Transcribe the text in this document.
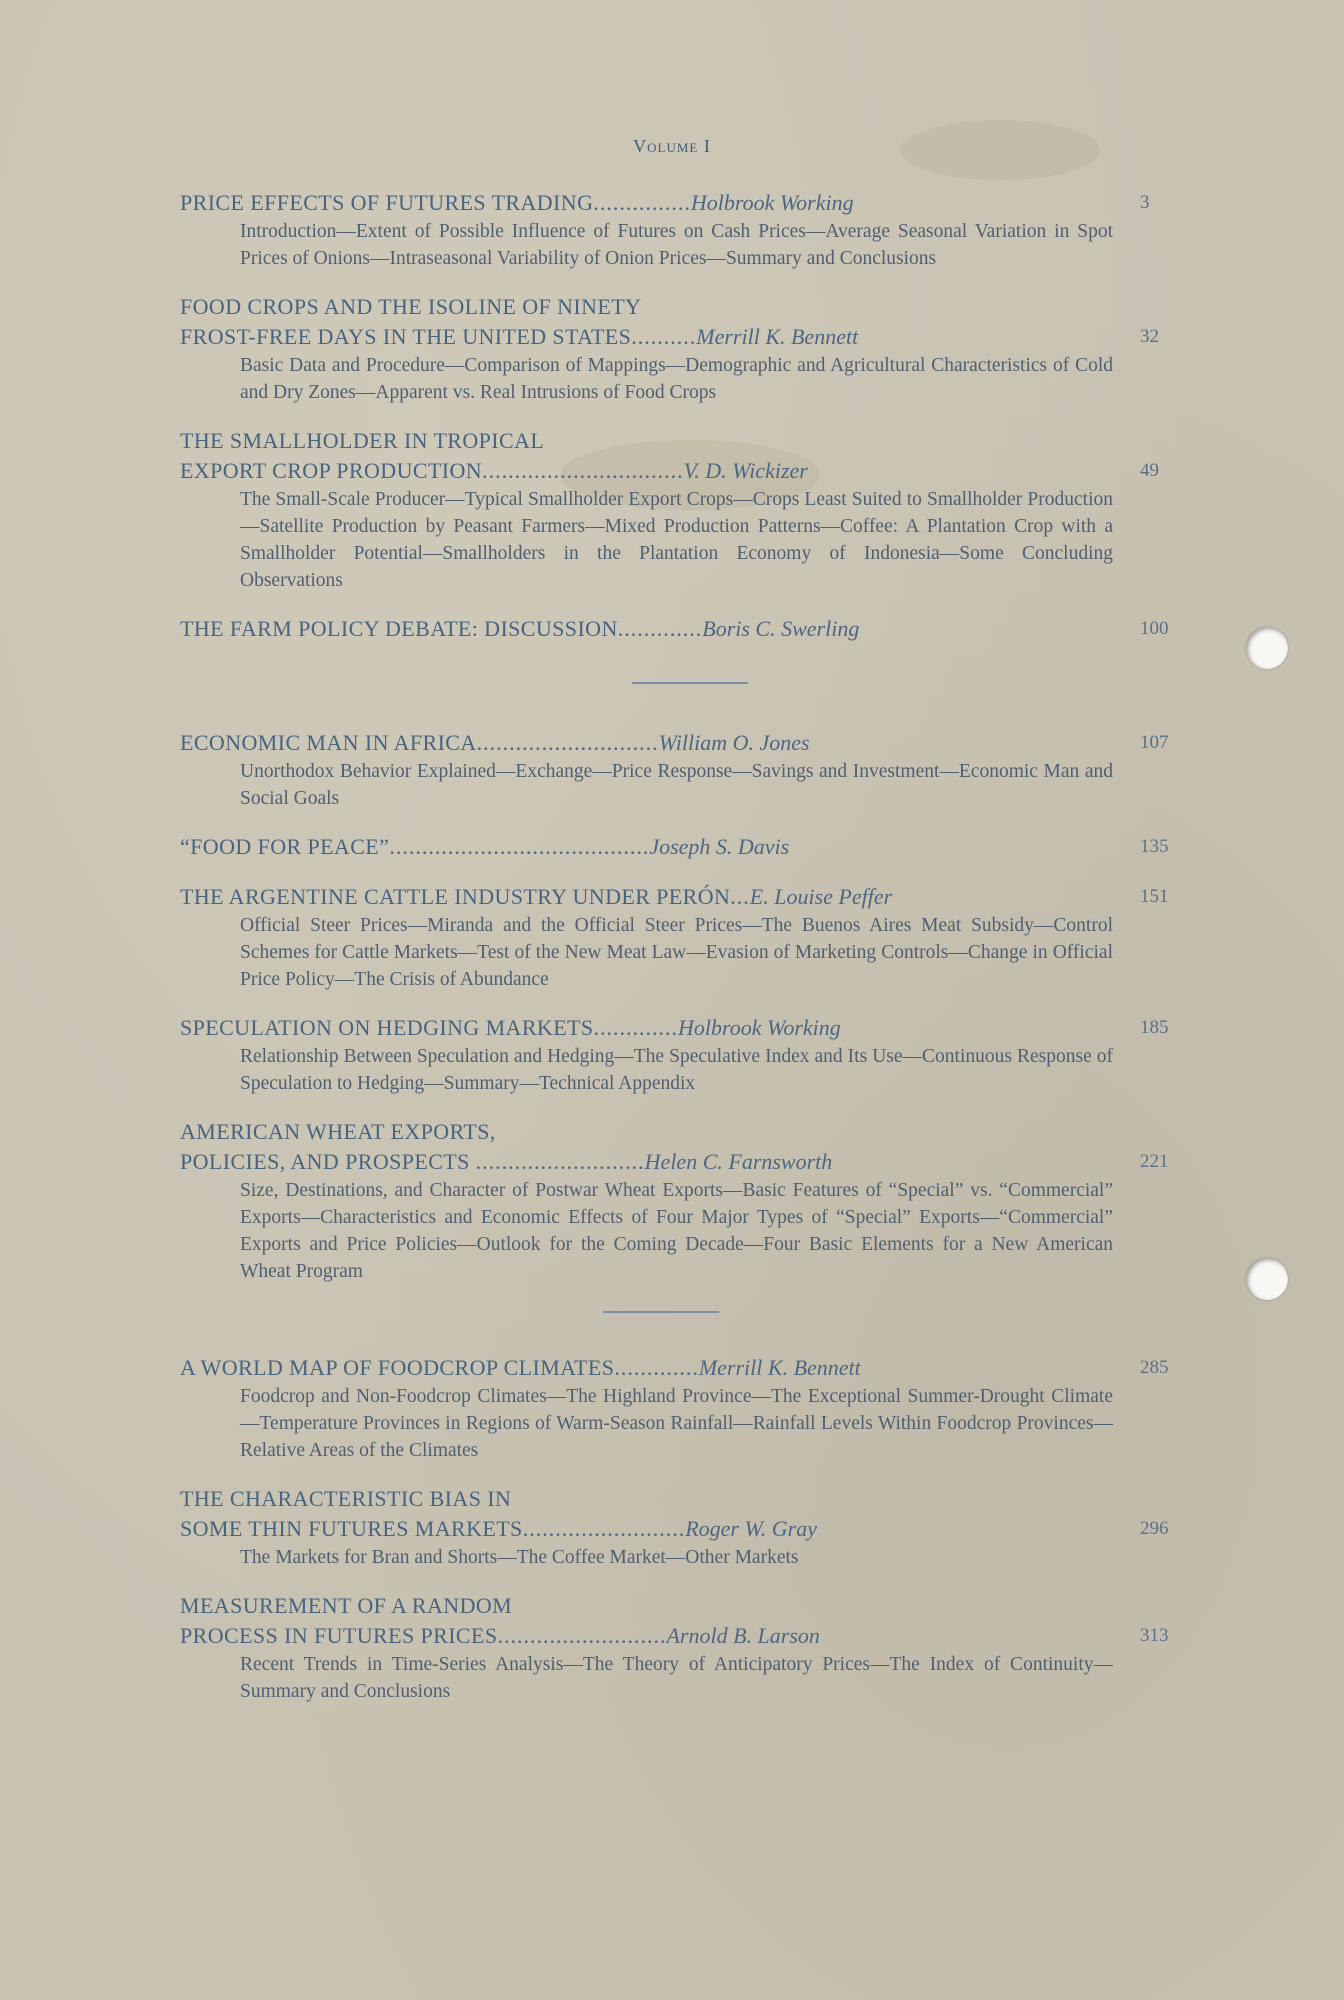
Volume I
PRICE EFFECTS OF FUTURES TRADING...............Holbrook Working	3
Introduction—Extent of Possible Influence of Futures on Cash Prices—Average Seasonal Variation in Spot Prices of Onions—Intraseasonal Variability of Onion Prices—Summary and Conclusions
FOOD CROPS AND THE ISOLINE OF NINETY
FROST-FREE DAYS IN THE UNITED STATES..........Merrill K. Bennett	32
Basic Data and Procedure—Comparison of Mappings—Demographic and Agricultural Characteristics of Cold and Dry Zones—Apparent vs. Real Intrusions of Food Crops
THE SMALLHOLDER IN TROPICAL
EXPORT CROP PRODUCTION...............................V. D. Wickizer	49
The Small-Scale Producer—Typical Smallholder Export Crops—Crops Least Suited to Smallholder Production—Satellite Production by Peasant Farmers—Mixed Production Patterns—Coffee: A Plantation Crop with a Smallholder Potential—Smallholders in the Plantation Economy of Indonesia—Some Concluding Observations
THE FARM POLICY DEBATE: DISCUSSION.............Boris C. Swerling	100
ECONOMIC MAN IN AFRICA............................William O. Jones	107
Unorthodox Behavior Explained—Exchange—Price Response—Savings and Investment—Economic Man and Social Goals
“FOOD FOR PEACE”........................................Joseph S. Davis	135
THE ARGENTINE CATTLE INDUSTRY UNDER PERÓN...E. Louise Peffer	151
Official Steer Prices—Miranda and the Official Steer Prices—The Buenos Aires Meat Subsidy—Control Schemes for Cattle Markets—Test of the New Meat Law—Evasion of Marketing Controls—Change in Official Price Policy—The Crisis of Abundance
SPECULATION ON HEDGING MARKETS.............Holbrook Working	185
Relationship Between Speculation and Hedging—The Speculative Index and Its Use—Continuous Response of Speculation to Hedging—Summary—Technical Appendix
AMERICAN WHEAT EXPORTS,
POLICIES, AND PROSPECTS ..........................Helen C. Farnsworth	221
Size, Destinations, and Character of Postwar Wheat Exports—Basic Features of “Special” vs. “Commercial” Exports—Characteristics and Economic Effects of Four Major Types of “Special” Exports—“Commercial” Exports and Price Policies—Outlook for the Coming Decade—Four Basic Elements for a New American Wheat Program
A WORLD MAP OF FOODCROP CLIMATES.............Merrill K. Bennett	285
Foodcrop and Non-Foodcrop Climates—The Highland Province—The Exceptional Summer-Drought Climate—Temperature Provinces in Regions of Warm-Season Rainfall—Rainfall Levels Within Foodcrop Provinces—Relative Areas of the Climates
THE CHARACTERISTIC BIAS IN
SOME THIN FUTURES MARKETS.........................Roger W. Gray	296
The Markets for Bran and Shorts—The Coffee Market—Other Markets
MEASUREMENT OF A RANDOM
PROCESS IN FUTURES PRICES..........................Arnold B. Larson	313
Recent Trends in Time-Series Analysis—The Theory of Anticipatory Prices—The Index of Continuity—Summary and Conclusions
